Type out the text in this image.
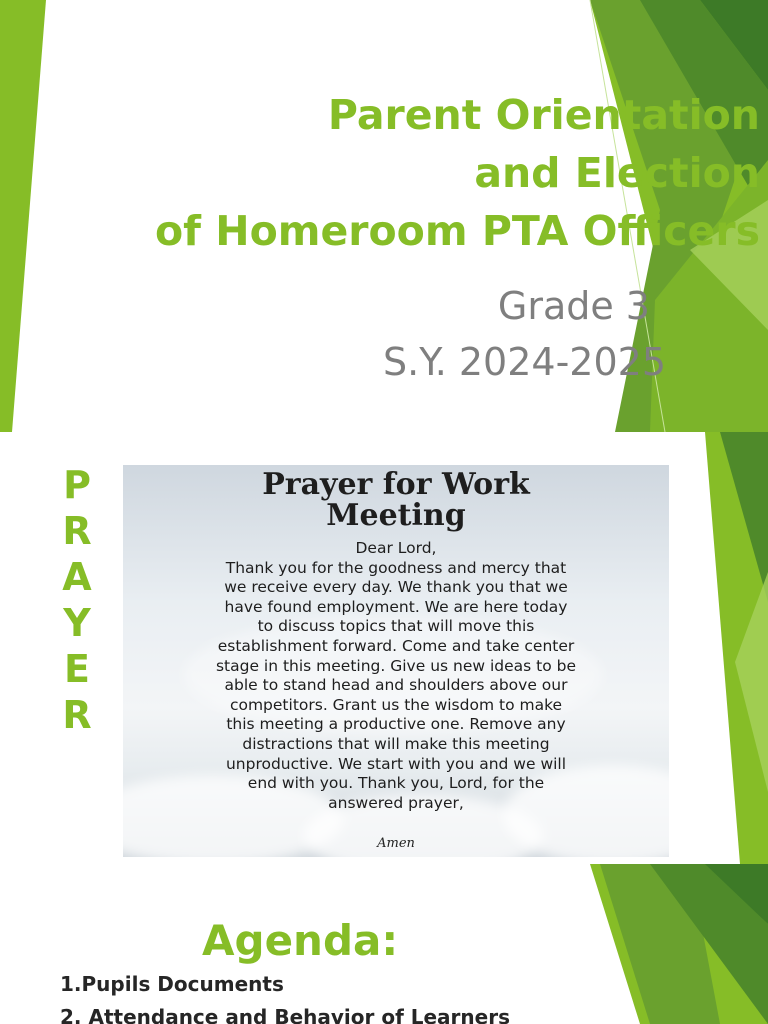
Parent Orientation
and Election
of Homeroom PTA Officers
Grade 3
S.Y. 2024-2025
P
R
A
Y
E
R
Prayer for Work
Meeting
Dear Lord,
Thank you for the goodness and mercy that
we receive every day. We thank you that we
have found employment. We are here today
to discuss topics that will move this
establishment forward. Come and take center
stage in this meeting. Give us new ideas to be
able to stand head and shoulders above our
competitors. Grant us the wisdom to make
this meeting a productive one. Remove any
distractions that will make this meeting
unproductive. We start with you and we will
end with you. Thank you, Lord, for the
answered prayer,
Amen
Agenda:
1.Pupils Documents
2. Attendance and Behavior of Learners
